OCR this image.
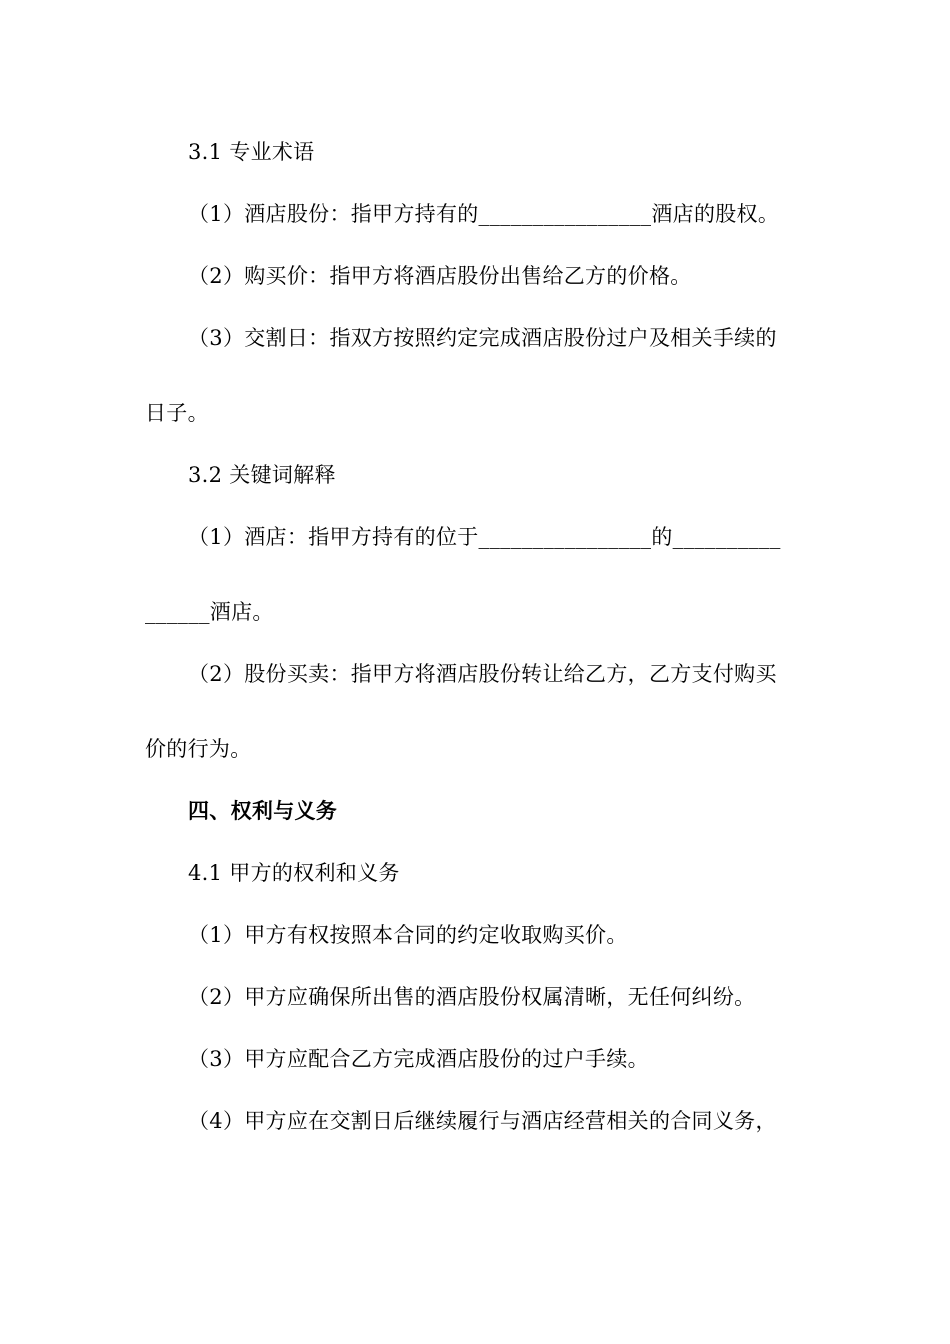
3.1 专业术语
（1）酒店股份：指甲方持有的________________酒店的股权。
（2）购买价：指甲方将酒店股份出售给乙方的价格。
（3）交割日：指双方按照约定完成酒店股份过户及相关手续的
日子。
3.2 关键词解释
（1）酒店：指甲方持有的位于________________的__________
______酒店。
（2）股份买卖：指甲方将酒店股份转让给乙方，乙方支付购买
价的行为。
四、权利与义务
4.1 甲方的权利和义务
（1）甲方有权按照本合同的约定收取购买价。
（2）甲方应确保所出售的酒店股份权属清晰，无任何纠纷。
（3）甲方应配合乙方完成酒店股份的过户手续。
（4）甲方应在交割日后继续履行与酒店经营相关的合同义务，
